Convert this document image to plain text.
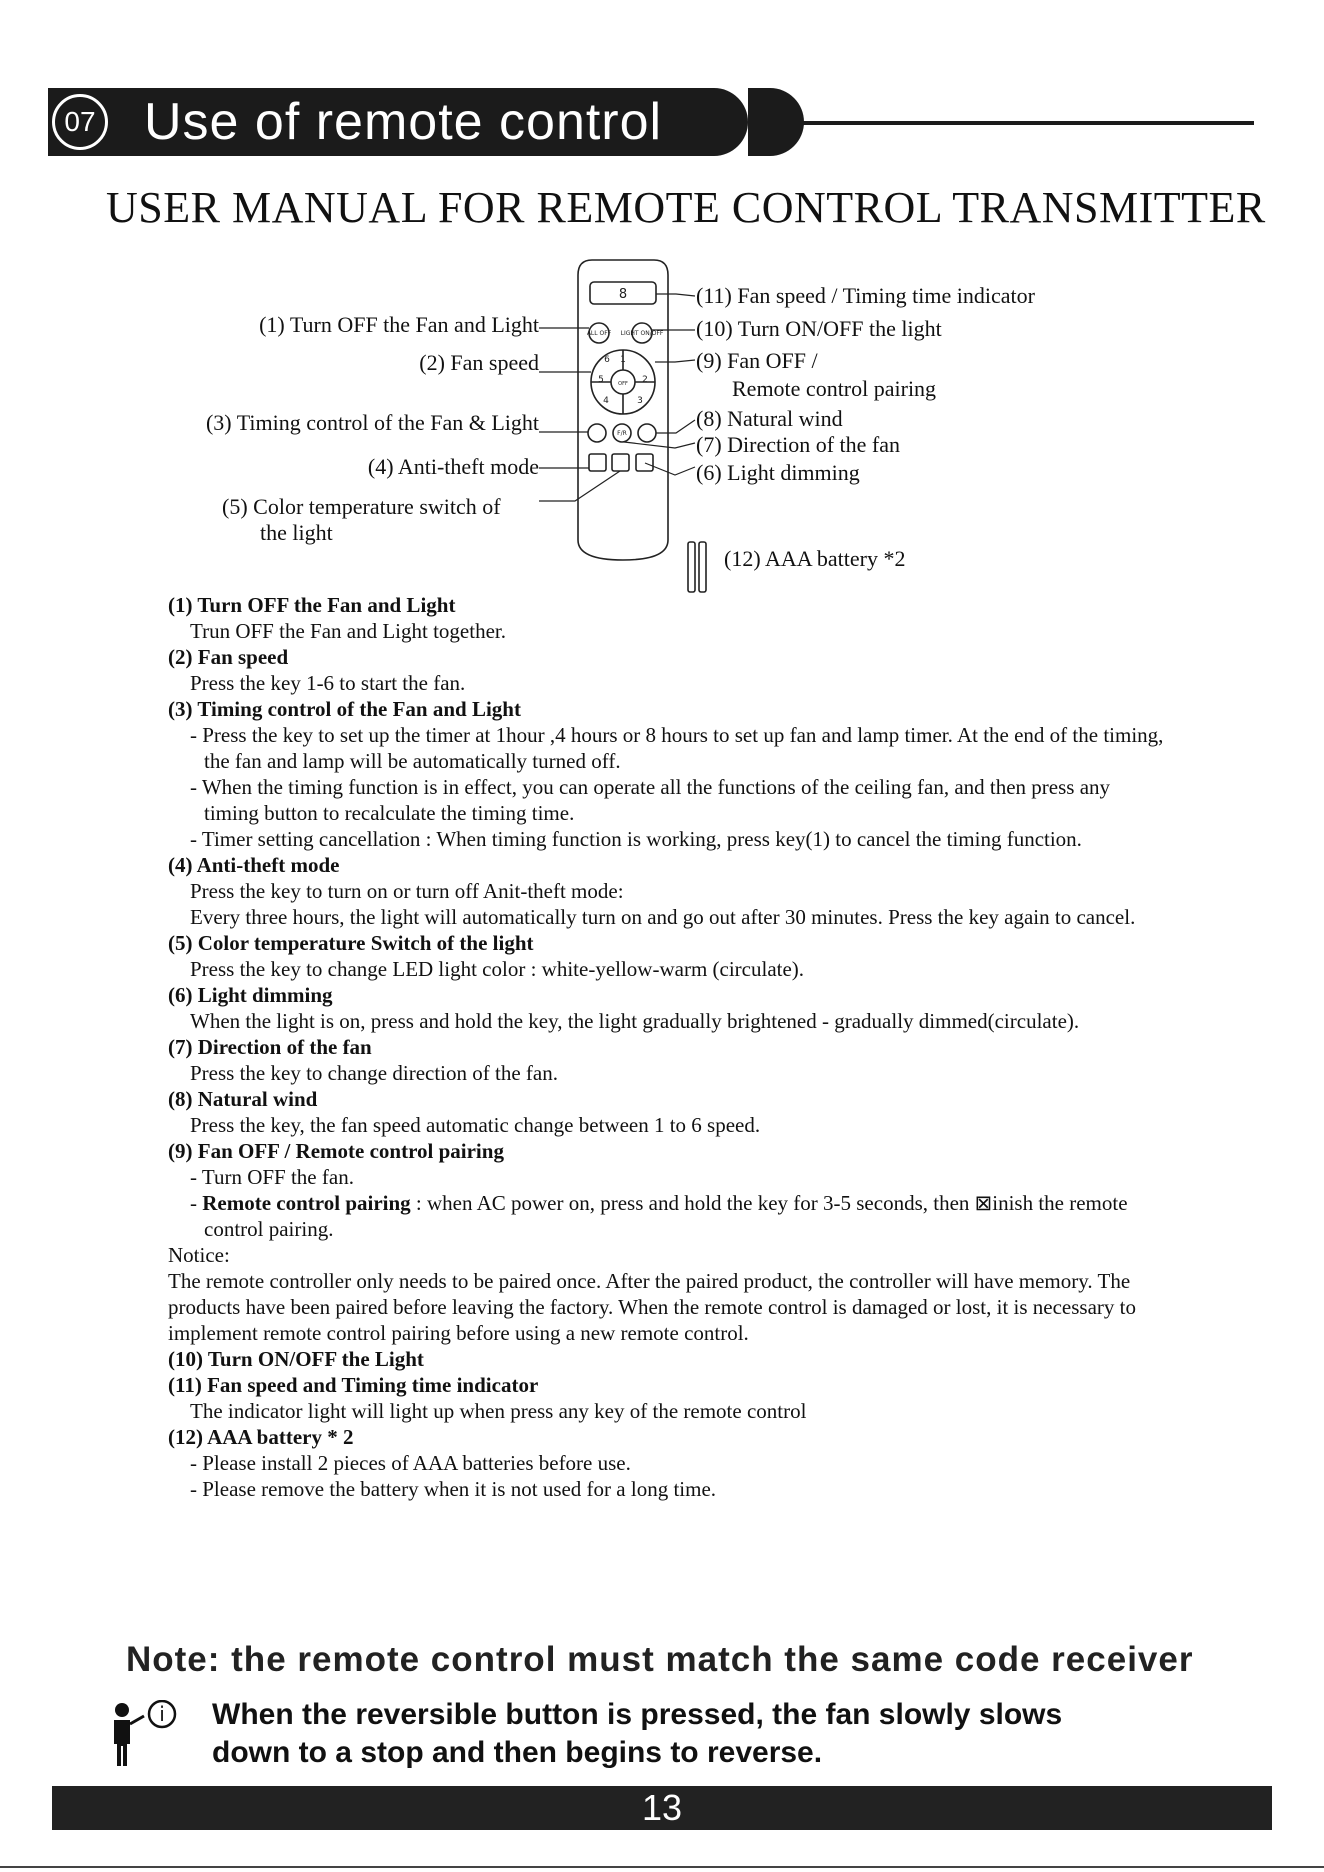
07 Use of remote control
USER MANUAL FOR REMOTE CONTROL TRANSMITTER
8
ALL OFF LIGHT ON/OFF
1
2
3
4
5
6
OFF
F/R
(1) Turn OFF the Fan and Light
(2) Fan speed
(3) Timing control of the Fan & Light
(4) Anti-theft mode
(5) Color temperature switch of
the light
(11) Fan speed / Timing time indicator
(10) Turn ON/OFF the light
(9) Fan OFF /
Remote control pairing
(8) Natural wind
(7) Direction of the fan
(6) Light dimming
(12) AAA battery *2
(1) Turn OFF the Fan and Light
Trun OFF the Fan and Light together.
(2) Fan speed
Press the key 1-6 to start the fan.
(3) Timing control of the Fan and Light
- Press the key to set up the timer at 1hour ,4 hours or 8 hours to set up fan and lamp timer. At the end of the timing, the fan and lamp will be automatically turned off.
- When the timing function is in effect, you can operate all the functions of the ceiling fan, and then press any timing button to recalculate the timing time.
- Timer setting cancellation : When timing function is working, press key(1) to cancel the timing function.
(4) Anti-theft mode
Press the key to turn on or turn off Anit-theft mode:
Every three hours, the light will automatically turn on and go out after 30 minutes. Press the key again to cancel.
(5) Color temperature Switch of the light
Press the key to change LED light color : white-yellow-warm (circulate).
(6) Light dimming
When the light is on, press and hold the key, the light gradually brightened - gradually dimmed(circulate).
(7) Direction of the fan
Press the key to change direction of the fan.
(8) Natural wind
Press the key, the fan speed automatic change between 1 to 6 speed.
(9) Fan OFF / Remote control pairing
- Turn OFF the fan.
- Remote control pairing : when AC power on, press and hold the key for 3-5 seconds, then ⊠inish the remote control pairing.
Notice:
The remote controller only needs to be paired once. After the paired product, the controller will have memory. The products have been paired before leaving the factory. When the remote control is damaged or lost, it is necessary to implement remote control pairing before using a new remote control.
(10) Turn ON/OFF the Light
(11) Fan speed and Timing time indicator
The indicator light will light up when press any key of the remote control
(12) AAA battery * 2
- Please install 2 pieces of AAA batteries before use.
- Please remove the battery when it is not used for a long time.
Note: the remote control must match the same code receiver
i When the reversible button is pressed, the fan slowly slows
down to a stop and then begins to reverse.
13
